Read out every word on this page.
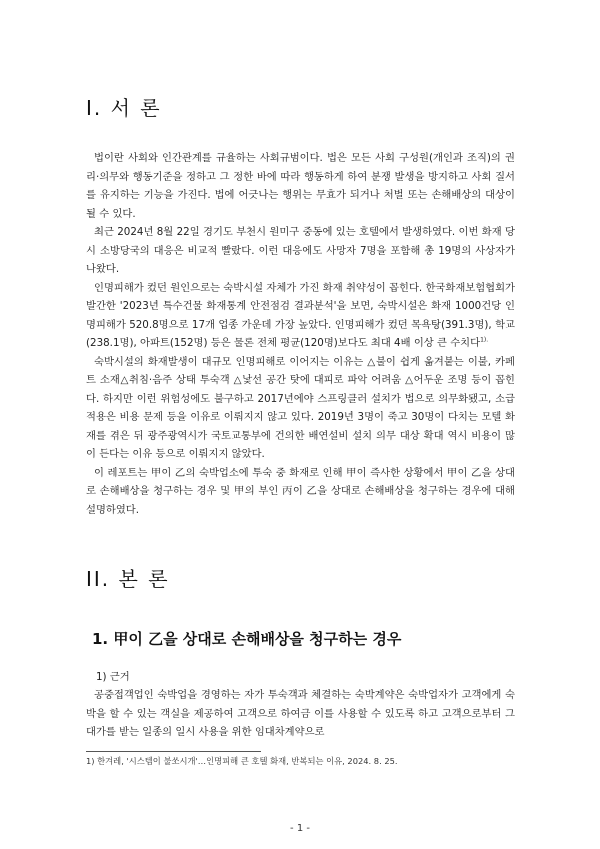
I. 서 론

법이란 사회와 인간관계를 규율하는 사회규범이다. 법은 모든 사회 구성원(개인과 조직)의 권리·의무와 행동기준을 정하고 그 정한 바에 따라 행동하게 하여 분쟁 발생을 방지하고 사회 질서를 유지하는 기능을 가진다. 법에 어긋나는 행위는 무효가 되거나 처벌 또는 손해배상의 대상이 될 수 있다.

최근 2024년 8월 22일 경기도 부천시 원미구 중동에 있는 호텔에서 발생하였다. 이번 화재 당시 소방당국의 대응은 비교적 빨랐다. 이런 대응에도 사망자 7명을 포함해 총 19명의 사상자가 나왔다.

인명피해가 컸던 원인으로는 숙박시설 자체가 가진 화재 취약성이 꼽힌다. 한국화재보험협회가 발간한 '2023년 특수건물 화재통계 안전점검 결과분석'을 보면, 숙박시설은 화재 1000건당 인명피해가 520.8명으로 17개 업종 가운데 가장 높았다. 인명피해가 컸던 목욕탕(391.3명), 학교(238.1명), 아파트(152명) 등은 물론 전체 평균(120명)보다도 최대 4배 이상 큰 수치다$^{1).}$

숙박시설의 화재발생이 대규모 인명피해로 이어지는 이유는 △불이 쉽게 옮겨붙는 이불, 카페트 소재△취침·음주 상태 투숙객 △낯선 공간 탓에 대피로 파악 어려움 △어두운 조명 등이 꼽힌다. 하지만 이런 위험성에도 불구하고 2017년에야 스프링클러 설치가 법으로 의무화됐고, 소급적용은 비용 문제 등을 이유로 이뤄지지 않고 있다. 2019년 3명이 죽고 30명이 다치는 모텔 화재를 겪은 뒤 광주광역시가 국토교통부에 건의한 배연설비 설치 의무 대상 확대 역시 비용이 많이 든다는 이유 등으로 이뤄지지 않았다.

이 레포트는 甲이 乙의 숙박업소에 투숙 중 화재로 인해 甲이 즉사한 상황에서 甲이 乙을 상대로 손해배상을 청구하는 경우 및 甲의 부인 丙이 乙을 상대로 손해배상을 청구하는 경우에 대해 설명하였다.

II. 본 론
1. 甲이 乙을 상대로 손해배상을 청구하는 경우
1) 근거

공중접객업인 숙박업을 경영하는 자가 투숙객과 체결하는 숙박계약은 숙박업자가 고객에게 숙박을 할 수 있는 객실을 제공하여 고객으로 하여금 이를 사용할 수 있도록 하고 고객으로부터 그 대가를 받는 일종의 일시 사용을 위한 임대차계약으로

1) 한겨레, '시스템이 불쏘시개'…인명피해 큰 호텔 화재, 반복되는 이유, 2024. 8. 25.
- 1 -
